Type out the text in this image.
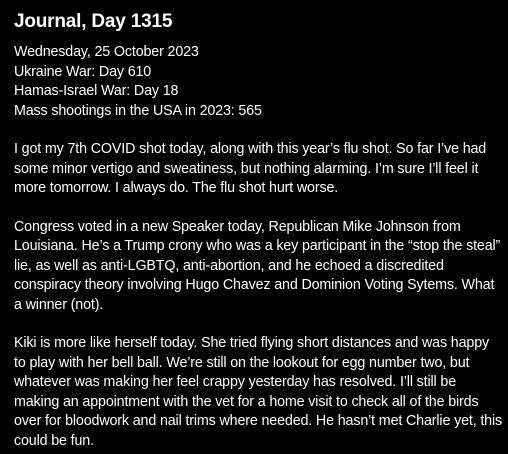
Journal, Day 1315
Wednesday, 25 October 2023
Ukraine War: Day 610
Hamas-Israel War: Day 18
Mass shootings in the USA in 2023: 565

I got my 7th COVID shot today, along with this year’s flu shot. So far I’ve had some minor vertigo and sweatiness, but nothing alarming. I’m sure I’ll feel it more tomorrow. I always do. The flu shot hurt worse.

Congress voted in a new Speaker today, Republican Mike Johnson from Louisiana. He’s a Trump crony who was a key participant in the “stop the steal” lie, as well as anti-LGBTQ, anti-abortion, and he echoed a discredited conspiracy theory involving Hugo Chavez and Dominion Voting Sytems. What a winner (not).

Kiki is more like herself today. She tried flying short distances and was happy to play with her bell ball. We’re still on the lookout for egg number two, but whatever was making her feel crappy yesterday has resolved. I’ll still be making an appointment with the vet for a home visit to check all of the birds over for bloodwork and nail trims where needed. He hasn’t met Charlie yet, this could be fun.
